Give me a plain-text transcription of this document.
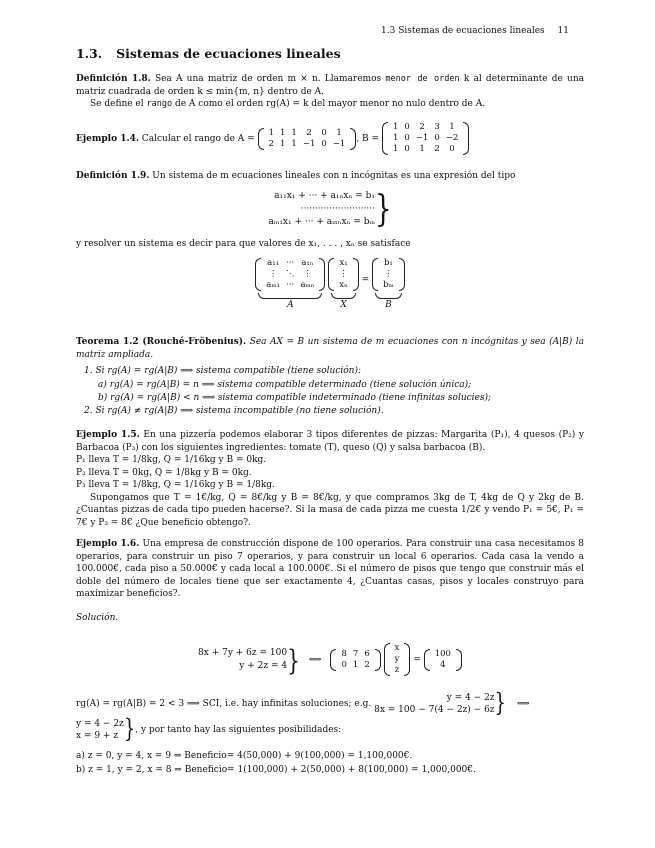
1.3 Sistemas de ecuaciones lineales 11
1.3. Sistemas de ecuaciones lineales
Definición 1.8. Sea A una matriz de orden m × n. Llamaremos menor de orden k al determinante de una matriz cuadrada de orden k ≤ min{m, n} dentro de A.
Se define el rango de A como el orden rg(A) = k del mayor menor no nulo dentro de A.
Ejemplo 1.4. Calcular el rango de A =
1	1	1	2	0	1
2	1	1	−1	0	−1 , B =
1	0	2	3	1
1	0	−1	0	−2
1	0	1	2	0
Definición 1.9. Un sistema de m ecuaciones lineales con n incógnitas es una expresión del tipo
a₁₁x₁ + ··· + a₁ₙxₙ = b₁
··························
aₘ₁x₁ + ··· + aₘₙxₙ = bₘ}
y resolver un sistema es decir para que valores de x₁, . . . , xₙ se satisface
a₁₁	···	a₁ₙ
⋮	⋱	⋮
aₘ₁	···	aₘₙ
A

x₁
⋮
xₙ
X
=
b₁
⋮
bₘ
B
Teorema 1.2 (Rouché-Fröbenius). Sea AX = B un sistema de m ecuaciones con n incógnitas y sea (A|B) la matriz ampliada.
1. Si rg(A) = rg(A|B) ⟹ sistema compatible (tiene solución):
a) rg(A) = rg(A|B) = n ⟹ sistema compatible determinado (tiene solución única);
b) rg(A) = rg(A|B) < n ⟹ sistema compatible indeterminado (tiene infinitas solucies);
2. Si rg(A) ≠ rg(A|B) ⟹ sistema incompatible (no tiene solución).
Ejemplo 1.5. En una pizzería podemos elaborar 3 tipos diferentes de pizzas: Margarita (P₁), 4 quesos (P₂) y Barbacoa (P₃) con los siguientes ingredientes: tomate (T), queso (Q) y salsa barbacoa (B).
P₁ lleva T = 1/8kg, Q = 1/16kg y B = 0kg.
P₂ lleva T = 0kg, Q = 1/8kg y B = 0kg.
P₃ lleva T = 1/8kg, Q = 1/16kg y B = 1/8kg.
Supongamos que T = 1€/kg, Q = 8€/kg y B = 8€/kg, y que compramos 3kg de T, 4kg de Q y 2kg de B. ¿Cuantas pizzas de cada tipo pueden hacerse?. Si la masa de cada pizza me cuesta 1/2€ y vendo P₁ = 5€, P₁ = 7€ y P₃ = 8€ ¿Que beneficio obtengo?.
Ejemplo 1.6. Una empresa de construcción dispone de 100 operarios. Para construir una casa necesitamos 8 operarios, para construir un piso 7 operarios, y para construir un local 6 operarios. Cada casa la vendo a 100.000€, cada piso a 50.000€ y cada local a 100.000€. Si el número de pisos que tengo que construir más el doble del número de locales tiene que ser exactamente 4, ¿Cuantas casas, pisos y locales construyo para maximizar beneficios?.
Solución.
8x + 7y + 6z = 100
y + 2z = 4} ⟺
8	7	6
0	1	2

x
y
z
=
100
4
rg(A) = rg(A|B) = 2 < 3 ⟹ SCI, i.e. hay infinitas soluciones; e.g. y = 4 − 2z
8x = 100 − 7(4 − 2z) − 6z} ⟺
y = 4 − 2z
x = 9 + z }, y por tanto hay las siguientes posibilidades:
a) z = 0, y = 4, x = 9 ⇒ Beneficio= 4(50,000) + 9(100,000) = 1,100,000€.
b) z = 1, y = 2, x = 8 ⇒ Beneficio= 1(100,000) + 2(50,000) + 8(100,000) = 1,000,000€.
